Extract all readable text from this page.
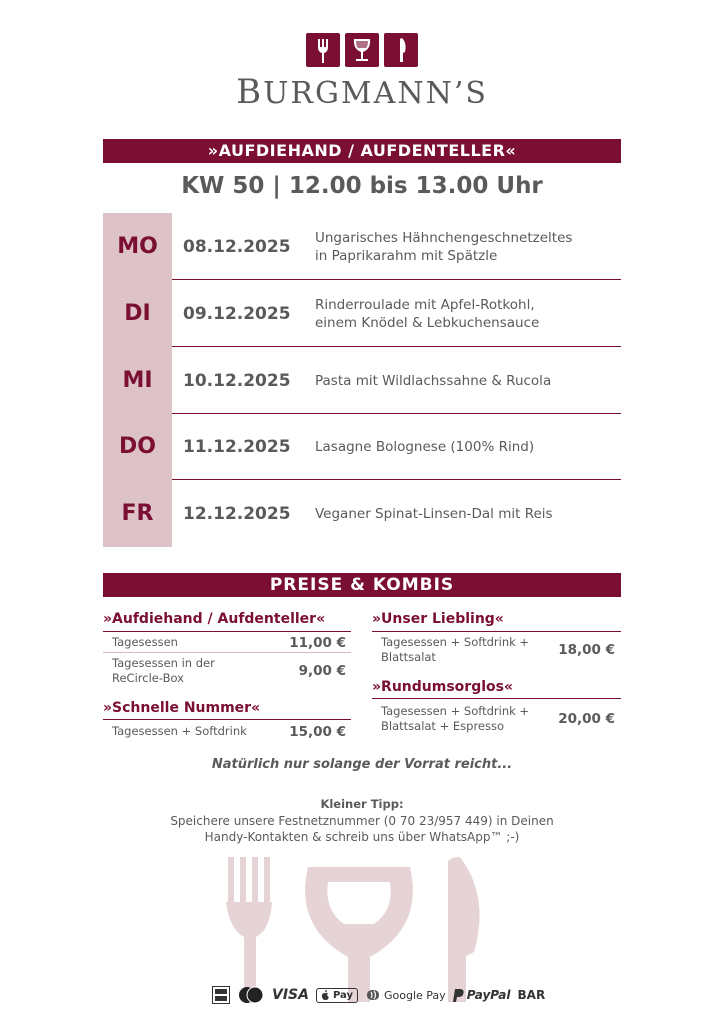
BURGMANN’S
»AUFDIEHAND / AUFDENTELLER«
KW 50 | 12.00 bis 13.00 Uhr
MO	08.12.2025 Ungarisches Hähnchengeschnetzeltes
in Paprikarahm mit Spätzle
DI	09.12.2025 Rinderroulade mit Apfel-Rotkohl,
einem Knödel & Lebkuchensauce
MI	10.12.2025 Pasta mit Wildlachssahne & Rucola
DO	11.12.2025 Lasagne Bolognese (100% Rind)
FR	12.12.2025 Veganer Spinat-Linsen-Dal mit Reis
PREISE & KOMBIS
»Aufdiehand / Aufdenteller«
Tagesessen	11,00 €
Tagesessen in der
ReCircle-Box	9,00 €
»Schnelle Nummer«
Tagesessen + Softdrink	15,00 €
»Unser Liebling«
Tagesessen + Softdrink +
Blattsalat	18,00 €
»Rundumsorglos«
Tagesessen + Softdrink +
Blattsalat + Espresso	20,00 €
Natürlich nur solange der Vorrat reicht...
Kleiner Tipp:
Speichere unsere Festnetznummer (0 70 23/957 449) in Deinen
Handy-Kontakten & schreib uns über WhatsApp™ ;-)
VISA Pay	Google Pay PayPal BAR
